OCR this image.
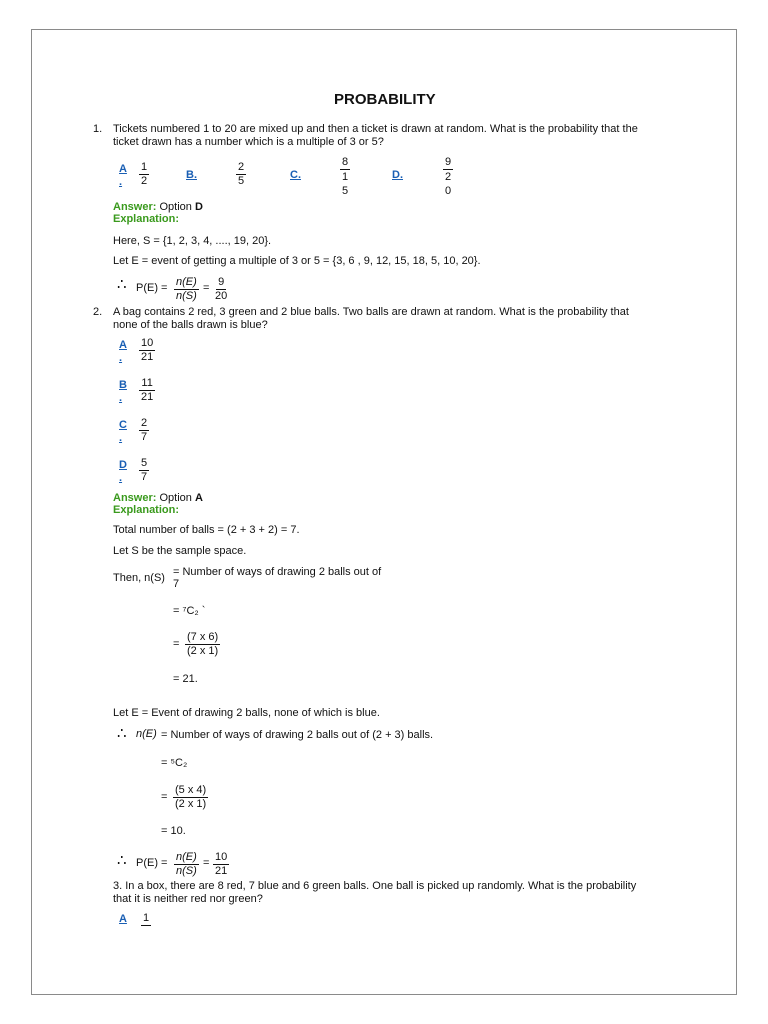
PROBABILITY
1. Tickets numbered 1 to 20 are mixed up and then a ticket is drawn at random. What is the probability that the
ticket drawn has a number which is a multiple of 3 or 5?
A
.	$\frac{1}{2}$	B.	$\frac{2}{5}$	C.
8
1
5
D.
9
2
0
Answer: Option D
Explanation:
Here, S = {1, 2, 3, 4, ...., 19, 20}.
Let E = event of getting a multiple of 3 or 5 = {3, 6 , 9, 12, 15, 18, 5, 10, 20}.
∴ $P(E) = \frac{n(E)}{n(S)} = \frac{9}{20}$
2. A bag contains 2 red, 3 green and 2 blue balls. Two balls are drawn at random. What is the probability that
none of the balls drawn is blue?
A
.	$\frac{10}{21}$
B
.	$\frac{11}{21}$
C
.	$\frac{2}{7}$
D
.	$\frac{5}{7}$
Answer: Option A
Explanation:
Total number of balls = (2 + 3 + 2) = 7.
Let S be the sample space.
Then, n(S) = Number of ways of drawing 2 balls out of
7
= ⁷C₂ `
= $\frac{(7 x 6)}{(2 x 1)}$
= 21.
Let E = Event of drawing 2 balls, none of which is blue.
∴ n(E) = Number of ways of drawing 2 balls out of (2 + 3) balls.
= ⁵C₂
= $\frac{(5 x 4)}{(2 x 1)}$
= 10.
∴ $P(E) = \frac{n(E)}{n(S)} = \frac{10}{21}$
3. In a box, there are 8 red, 7 blue and 6 green balls. One ball is picked up randomly. What is the probability
that it is neither red nor green?
A 1
